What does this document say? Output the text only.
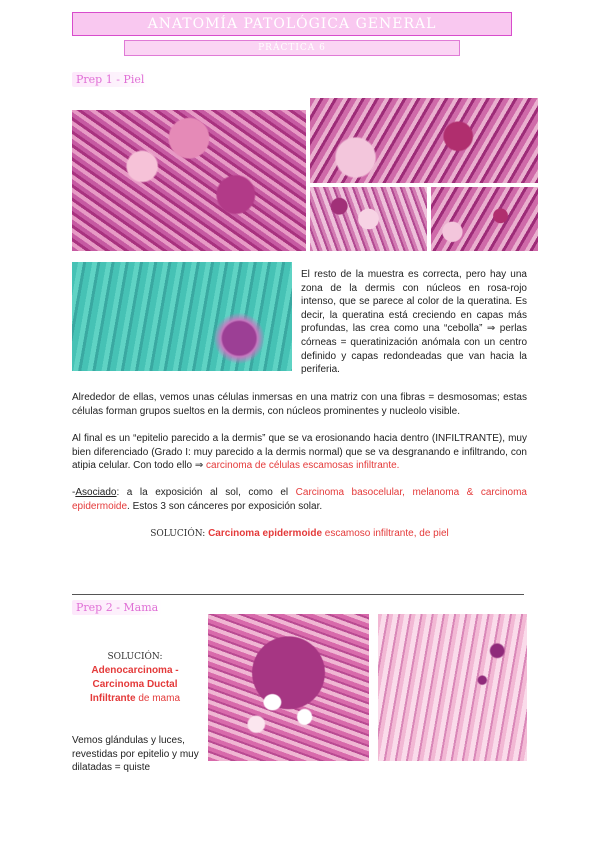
ANATOMÍA PATOLÓGICA GENERAL
PRÁCTICA 6
Prep 1 - Piel
El resto de la muestra es correcta, pero hay una zona de la dermis con núcleos en rosa-rojo intenso, que se parece al color de la queratina. Es decir, la queratina está creciendo en capas más profundas, las crea como una “cebolla” ⇒ perlas córneas = queratinización anómala con un centro definido y capas redondeadas que van hacia la periferia.
Alrededor de ellas, vemos unas células inmersas en una matriz con una fibras = desmosomas; estas células forman grupos sueltos en la dermis, con núcleos prominentes y nucleolo visible.
Al final es un “epitelio parecido a la dermis” que se va erosionando hacia dentro (INFILTRANTE), muy bien diferenciado (Grado I: muy parecido a la dermis normal) que se va desgranando e infiltrando, con atipia celular. Con todo ello ⇒ carcinoma de células escamosas infiltrante.
-Asociado: a la exposición al sol, como el Carcinoma basocelular, melanoma & carcinoma epidermoide. Estos 3 son cánceres por exposición solar.
SOLUCIÓN: Carcinoma epidermoide escamoso infiltrante, de piel
Prep 2 - Mama
SOLUCIÓN:
Adenocarcinoma - Carcinoma Ductal Infiltrante de mama
Vemos glándulas y luces, revestidas por epitelio y muy dilatadas = quiste
